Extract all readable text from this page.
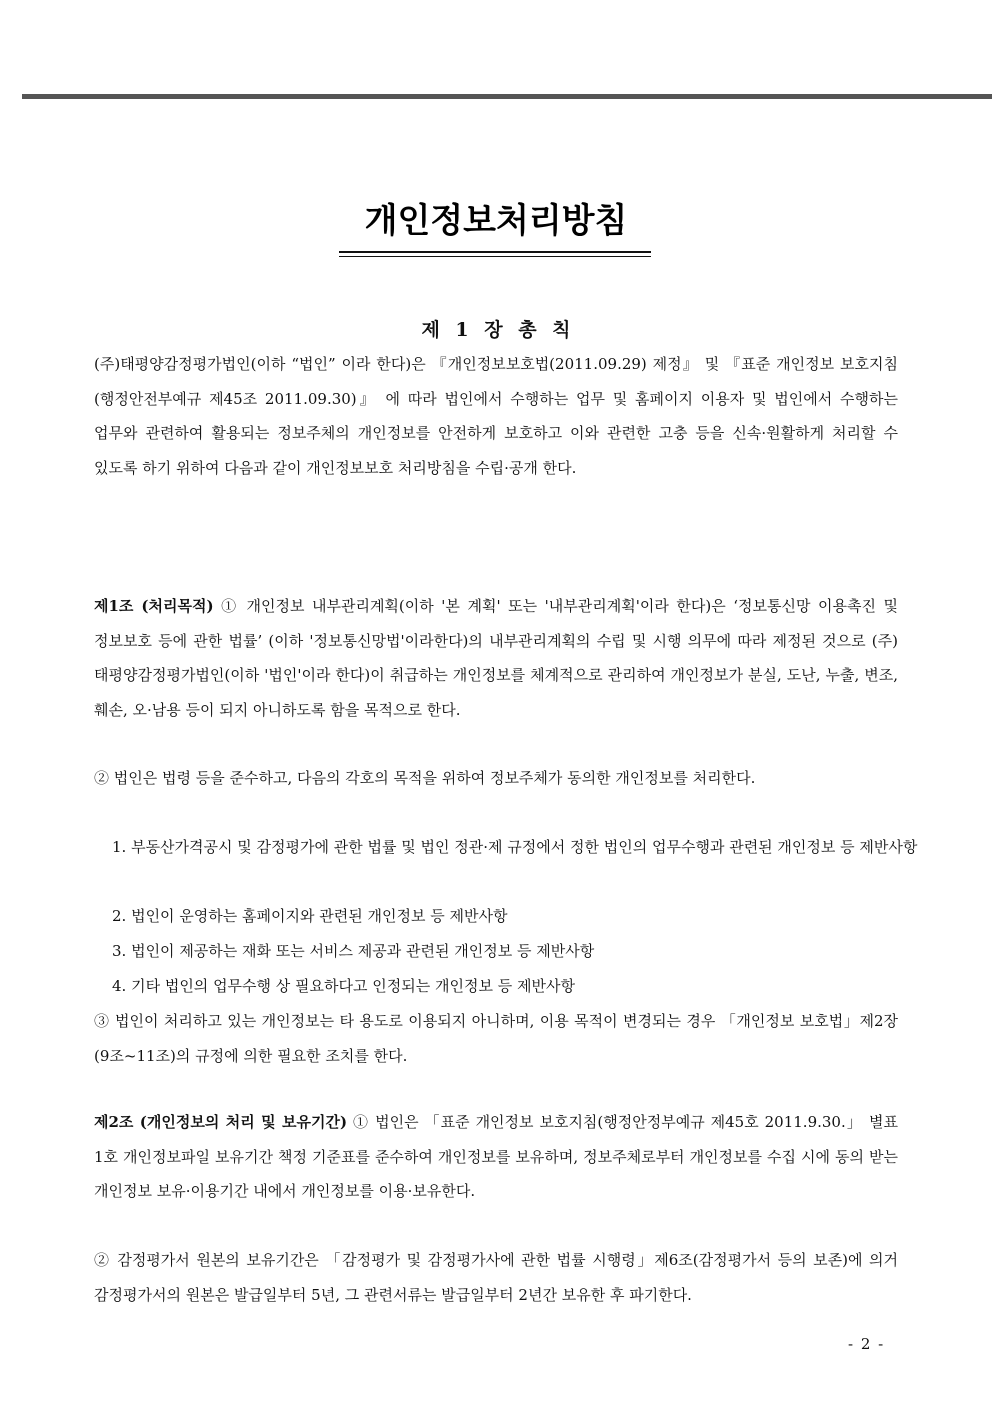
개인정보처리방침
제 1 장 총 칙

(주)태평양감정평가법인(이하 “법인” 이라 한다)은 『개인정보보호법(2011.09.29) 제정』 및 『표준 개인정보 보호지침(행정안전부예규 제45조 2011.09.30)』 에 따라 법인에서 수행하는 업무 및 홈페이지 이용자 및 법인에서 수행하는 업무와 관련하여 활용되는 정보주체의 개인정보를 안전하게 보호하고 이와 관련한 고충 등을 신속·원활하게 처리할 수 있도록 하기 위하여 다음과 같이 개인정보보호 처리방침을 수립·공개 한다.

제1조 (처리목적) ① 개인정보 내부관리계획(이하 '본 계획' 또는 '내부관리계획'이라 한다)은 ‘정보통신망 이용촉진 및 정보보호 등에 관한 법률’ (이하 '정보통신망법'이라한다)의 내부관리계획의 수립 및 시행 의무에 따라 제정된 것으로 (주)태평양감정평가법인(이하 '법인'이라 한다)이 취급하는 개인정보를 체계적으로 관리하여 개인정보가 분실, 도난, 누출, 변조, 훼손, 오·남용 등이 되지 아니하도록 함을 목적으로 한다.

② 법인은 법령 등을 준수하고, 다음의 각호의 목적을 위하여 정보주체가 동의한 개인정보를 처리한다.

1. 부동산가격공시 및 감정평가에 관한 법률 및 법인 정관·제 규정에서 정한 법인의 업무수행과 관련된 개인정보 등 제반사항

2. 법인이 운영하는 홈페이지와 관련된 개인정보 등 제반사항

3. 법인이 제공하는 재화 또는 서비스 제공과 관련된 개인정보 등 제반사항

4. 기타 법인의 업무수행 상 필요하다고 인정되는 개인정보 등 제반사항

③ 법인이 처리하고 있는 개인정보는 타 용도로 이용되지 아니하며, 이용 목적이 변경되는 경우 「개인정보 보호법」제2장(9조~11조)의 규정에 의한 필요한 조치를 한다.

제2조 (개인정보의 처리 및 보유기간) ① 법인은 「표준 개인정보 보호지침(행정안정부예규 제45호 2011.9.30.」 별표 1호 개인정보파일 보유기간 책정 기준표를 준수하여 개인정보를 보유하며, 정보주체로부터 개인정보를 수집 시에 동의 받는 개인정보 보유·이용기간 내에서 개인정보를 이용·보유한다.

② 감정평가서 원본의 보유기간은 「감정평가 및 감정평가사에 관한 법률 시행령」제6조(감정평가서 등의 보존)에 의거 감정평가서의 원본은 발급일부터 5년, 그 관련서류는 발급일부터 2년간 보유한 후 파기한다.

- 2 -
